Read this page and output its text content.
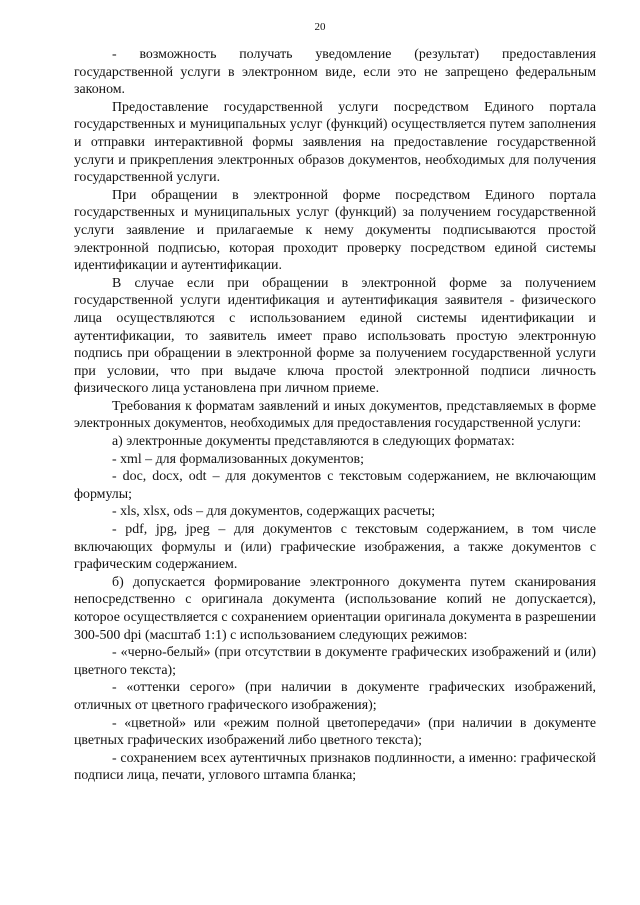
20

- возможность получать уведомление (результат) предоставления государственной услуги в электронном виде, если это не запрещено федеральным законом.

Предоставление государственной услуги посредством Единого портала государственных и муниципальных услуг (функций) осуществляется путем заполнения и отправки интерактивной формы заявления на предоставление государственной услуги и прикрепления электронных образов документов, необходимых для получения государственной услуги.

При обращении в электронной форме посредством Единого портала государственных и муниципальных услуг (функций) за получением государственной услуги заявление и прилагаемые к нему документы подписываются простой электронной подписью, которая проходит проверку посредством единой системы идентификации и аутентификации.

В случае если при обращении в электронной форме за получением государственной услуги идентификация и аутентификация заявителя - физического лица осуществляются с использованием единой системы идентификации и аутентификации, то заявитель имеет право использовать простую электронную подпись при обращении в электронной форме за получением государственной услуги при условии, что при выдаче ключа простой электронной подписи личность физического лица установлена при личном приеме.

Требования к форматам заявлений и иных документов, представляемых в форме электронных документов, необходимых для предоставления государственной услуги:

а) электронные документы представляются в следующих форматах:

- xml – для формализованных документов;

- doc, docx, odt – для документов с текстовым содержанием, не включающим формулы;

- xls, xlsx, ods – для документов, содержащих расчеты;

- pdf, jpg, jpeg – для документов с текстовым содержанием, в том числе включающих формулы и (или) графические изображения, а также документов с графическим содержанием.

б) допускается формирование электронного документа путем сканирования непосредственно с оригинала документа (использование копий не допускается), которое осуществляется с сохранением ориентации оригинала документа в разрешении 300-500 dpi (масштаб 1:1) с использованием следующих режимов:

- «черно-белый» (при отсутствии в документе графических изображений и (или) цветного текста);

- «оттенки серого» (при наличии в документе графических изображений, отличных от цветного графического изображения);

- «цветной» или «режим полной цветопередачи» (при наличии в документе цветных графических изображений либо цветного текста);

- сохранением всех аутентичных признаков подлинности, а именно: графической подписи лица, печати, углового штампа бланка;
